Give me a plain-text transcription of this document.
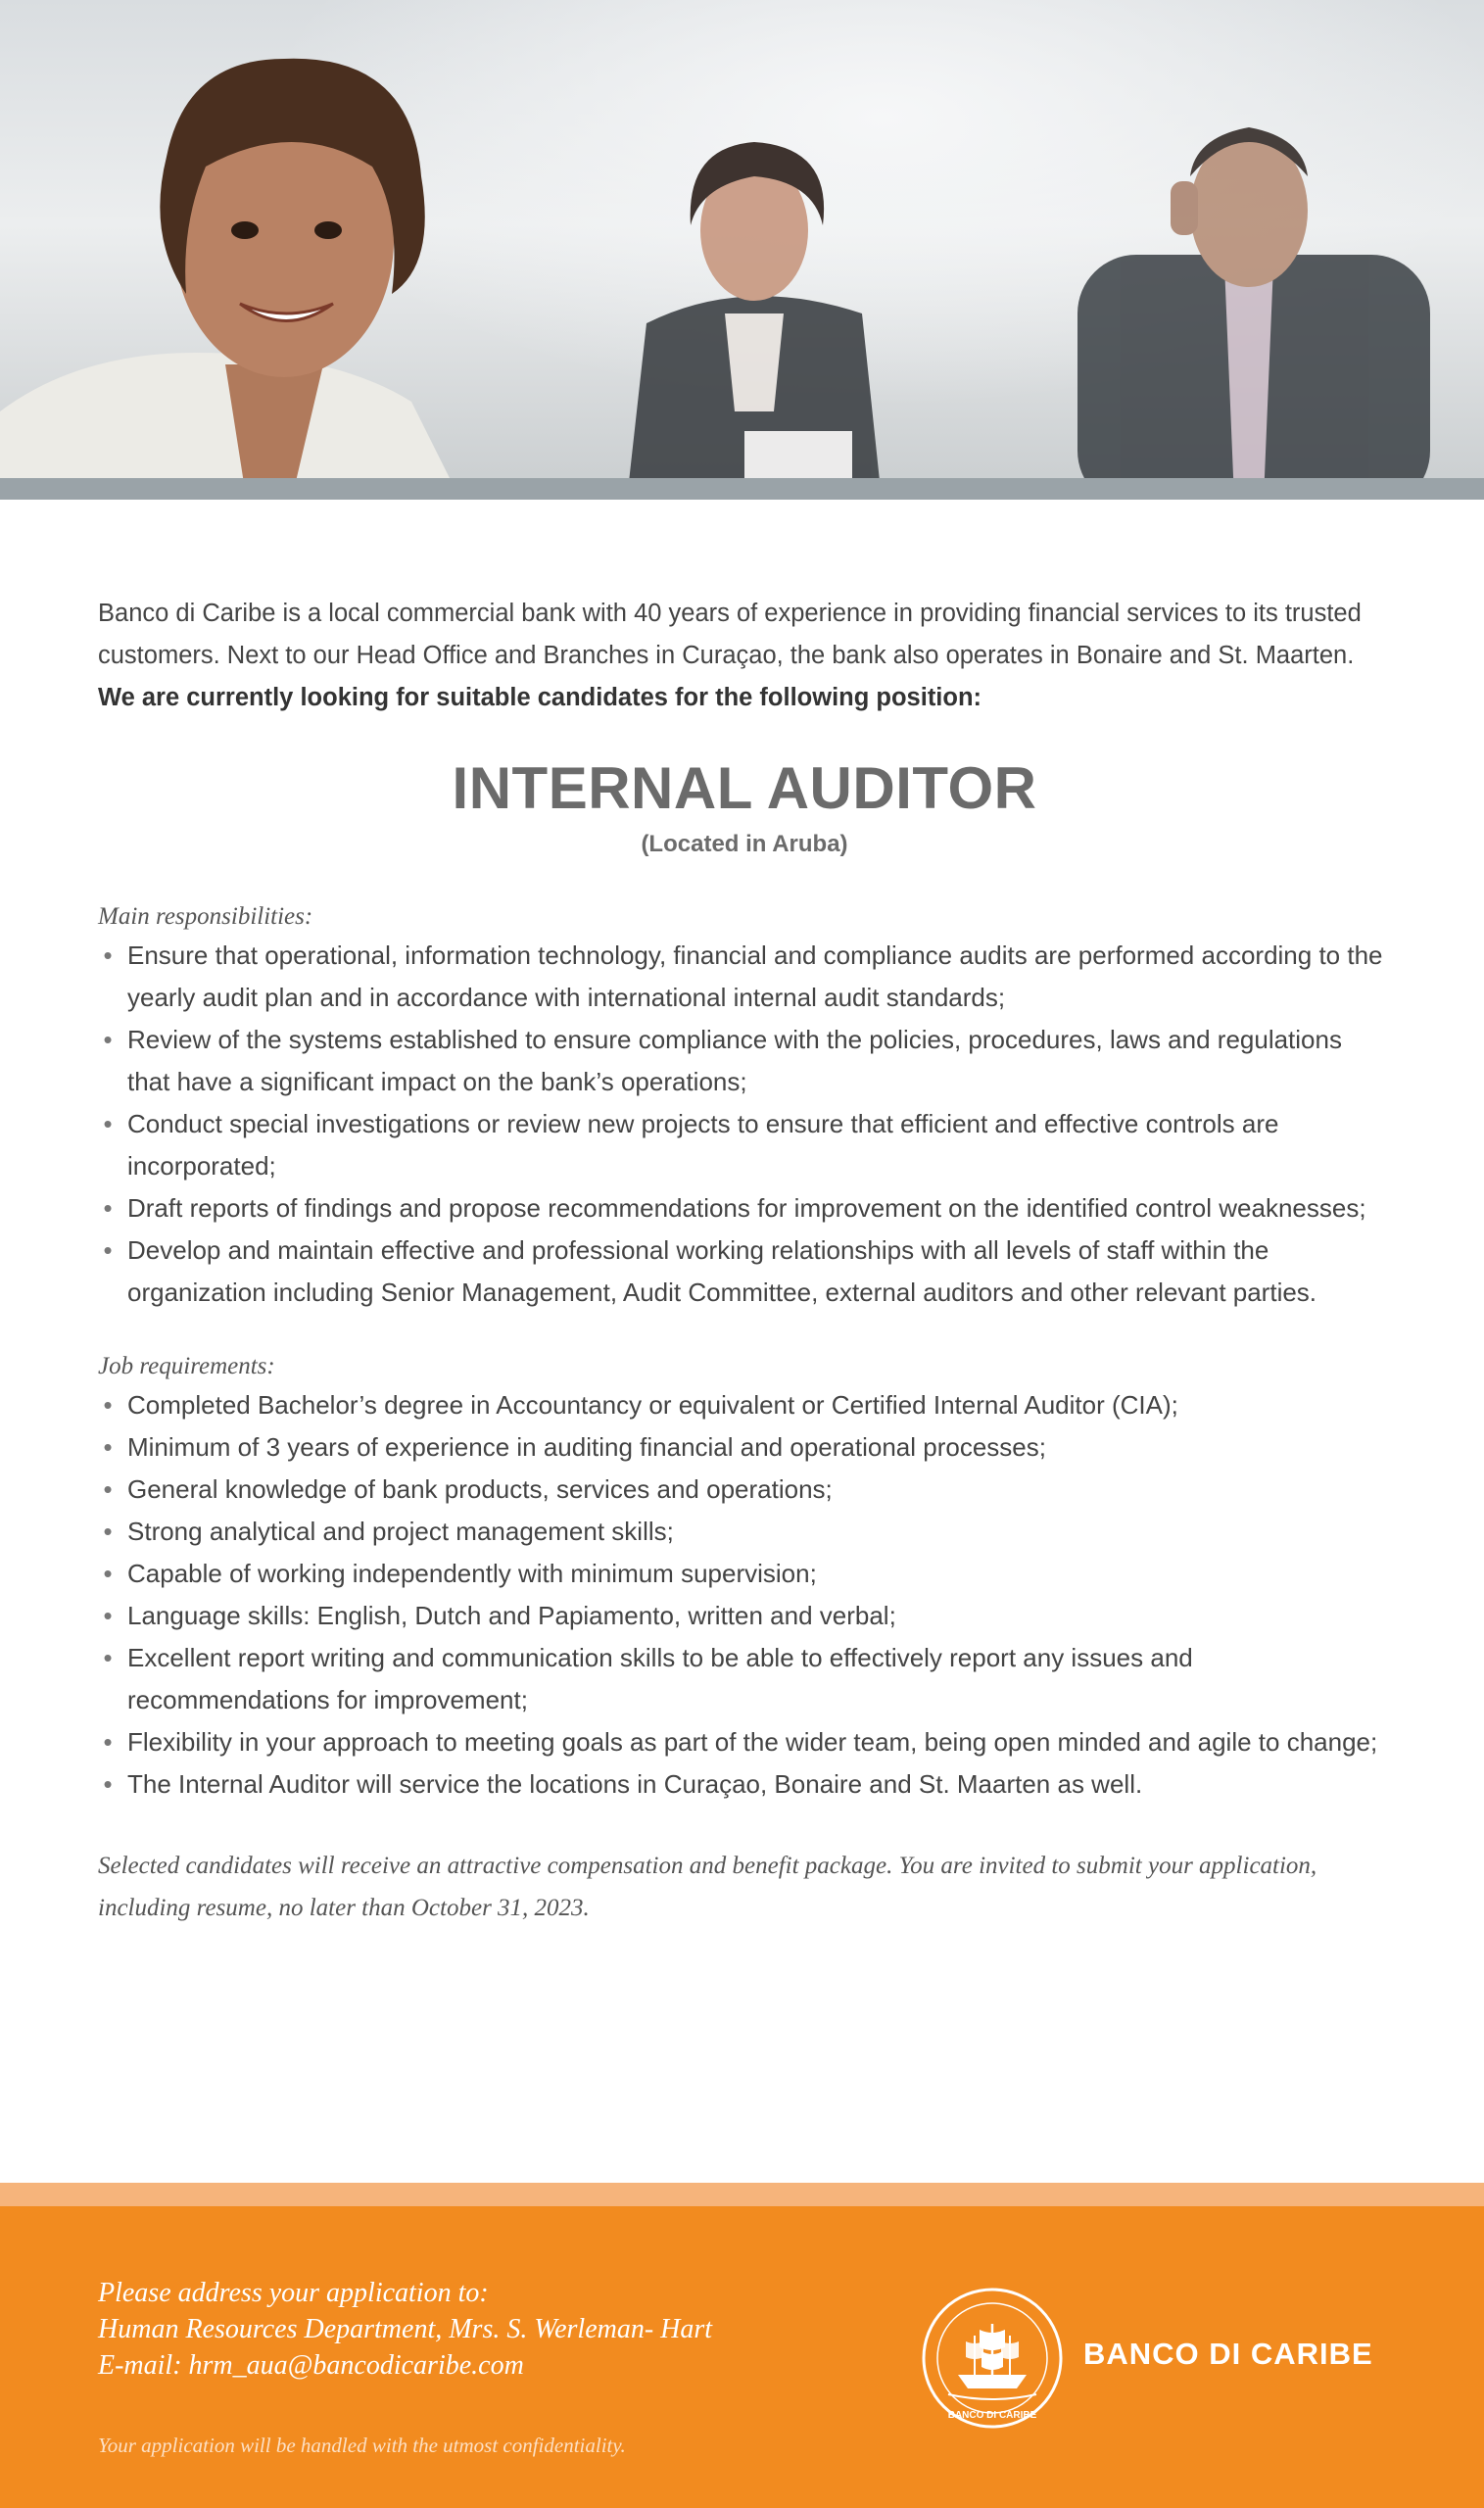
Banco di Caribe is a local commercial bank with 40 years of experience in providing financial services to its trusted customers. Next to our Head Office and Branches in Curaçao, the bank also operates in Bonaire and St. Maarten. We are currently looking for suitable candidates for the following position:

INTERNAL AUDITOR
(Located in Aruba)
Main responsibilities:
• Ensure that operational, information technology, financial and compliance audits are performed according to the yearly audit plan and in accordance with international internal audit standards;
• Review of the systems established to ensure compliance with the policies, procedures, laws and regulations that have a significant impact on the bank’s operations;
• Conduct special investigations or review new projects to ensure that efficient and effective controls are incorporated;
• Draft reports of findings and propose recommendations for improvement on the identified control weaknesses;
• Develop and maintain effective and professional working relationships with all levels of staff within the organization including Senior Management, Audit Committee, external auditors and other relevant parties.
Job requirements:
• Completed Bachelor’s degree in Accountancy or equivalent or Certified Internal Auditor (CIA);
• Minimum of 3 years of experience in auditing financial and operational processes;
• General knowledge of bank products, services and operations;
• Strong analytical and project management skills;
• Capable of working independently with minimum supervision;
• Language skills: English, Dutch and Papiamento, written and verbal;
• Excellent report writing and communication skills to be able to effectively report any issues and recommendations for improvement;
• Flexibility in your approach to meeting goals as part of the wider team, being open minded and agile to change;
• The Internal Auditor will service the locations in Curaçao, Bonaire and St. Maarten as well.

Selected candidates will receive an attractive compensation and benefit package. You are invited to submit your application, including resume, no later than October 31, 2023.

Please address your application to:
Human Resources Department, Mrs. S. Werleman- Hart
E-mail: hrm_aua@bancodicaribe.com
Your application will be handled with the utmost confidentiality.
BANCO DI CARIBE
BANCO DI CARIBE
